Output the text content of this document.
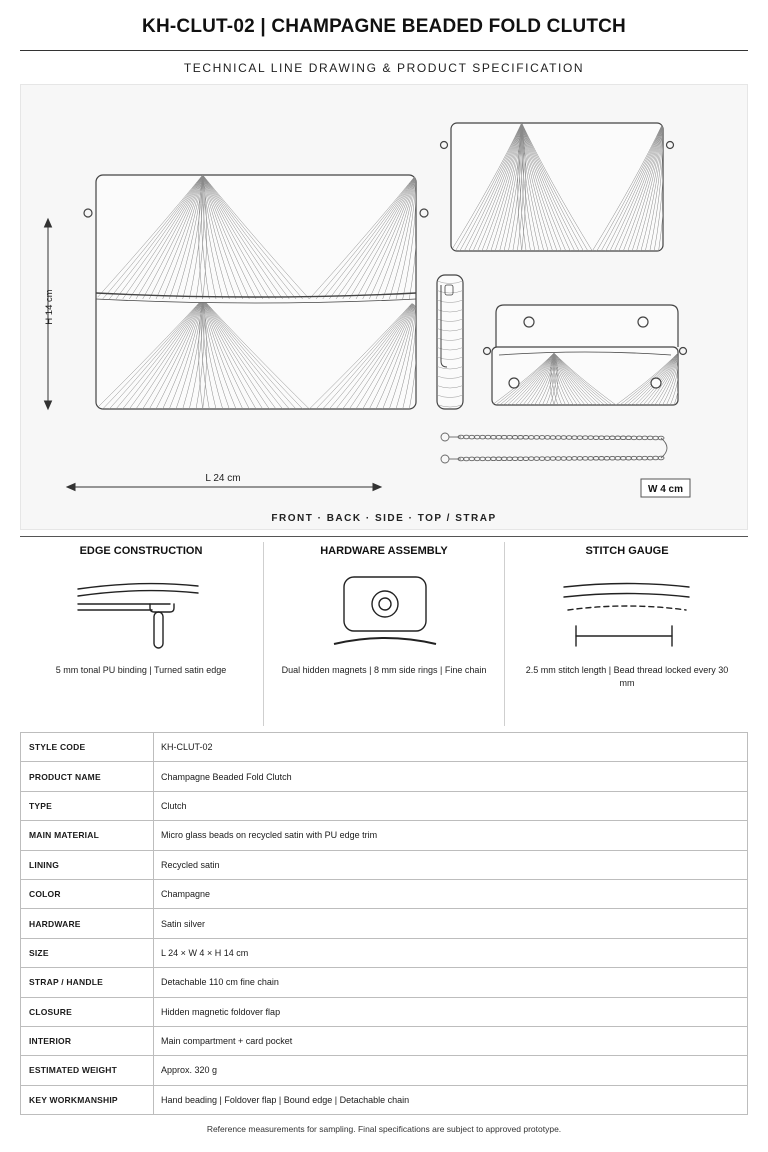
KH-CLUT-02 | CHAMPAGNE BEADED FOLD CLUTCH
TECHNICAL LINE DRAWING & PRODUCT SPECIFICATION
H 14 cm
L 24 cm
W 4 cm
FRONT · BACK · SIDE · TOP / STRAP
EDGE CONSTRUCTION

5 mm tonal PU binding | Turned satin edge

HARDWARE ASSEMBLY

Dual hidden magnets | 8 mm side rings | Fine chain

STITCH GAUGE

2.5 mm stitch length | Bead thread locked every 30 mm

STYLE CODE	KH-CLUT-02
PRODUCT NAME	Champagne Beaded Fold Clutch
TYPE	Clutch
MAIN MATERIAL	Micro glass beads on recycled satin with PU edge trim
LINING	Recycled satin
COLOR	Champagne
HARDWARE	Satin silver
SIZE	L 24 × W 4 × H 14 cm
STRAP / HANDLE	Detachable 110 cm fine chain
CLOSURE	Hidden magnetic foldover flap
INTERIOR	Main compartment + card pocket
ESTIMATED WEIGHT	Approx. 320 g
KEY WORKMANSHIP	Hand beading | Foldover flap | Bound edge | Detachable chain
Reference measurements for sampling. Final specifications are subject to approved prototype.
